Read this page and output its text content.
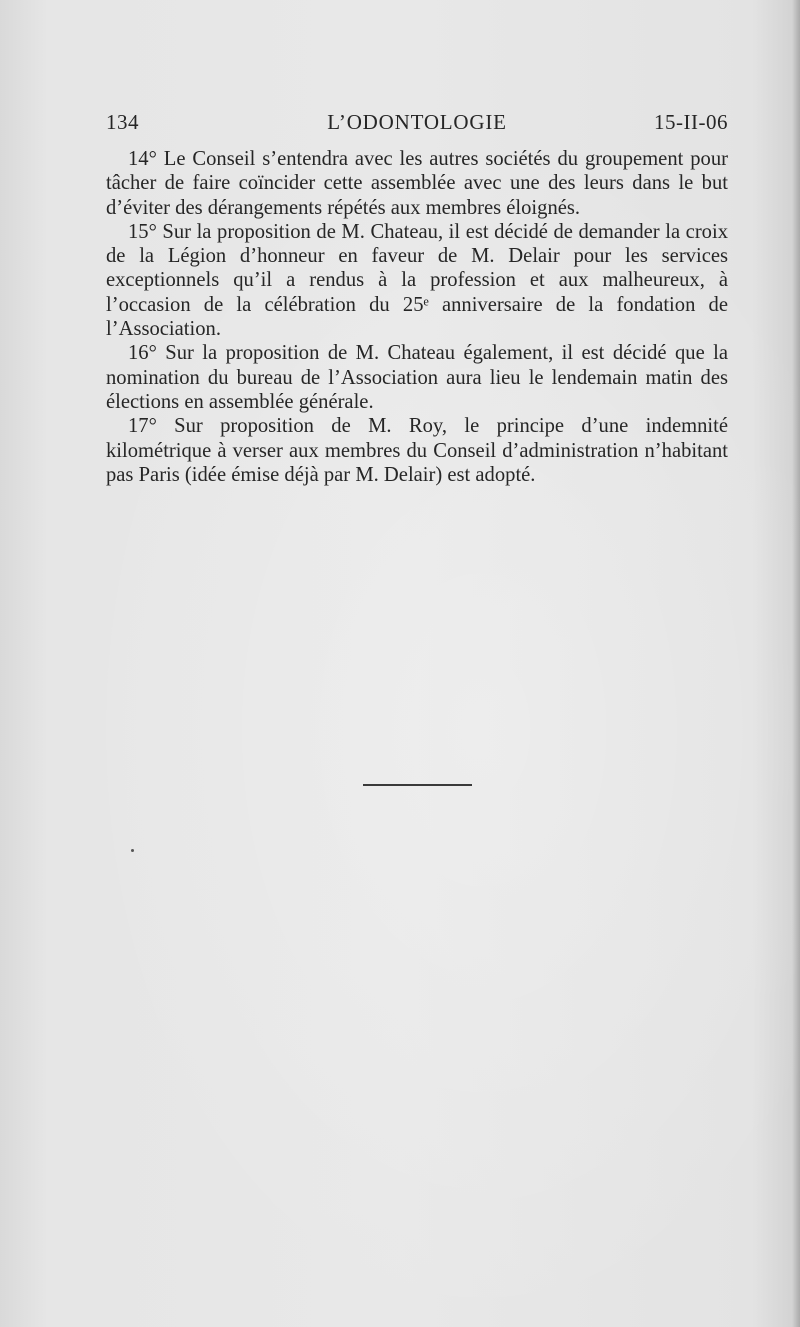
L’ODONTOLOGIE
134	15-II-06

14° Le Conseil s’entendra avec les autres sociétés du groupement pour tâcher de faire coïncider cette assemblée avec une des leurs dans le but d’éviter des dérangements répétés aux membres éloignés.

15° Sur la proposition de M. Chateau, il est décidé de demander la croix de la Légion d’honneur en faveur de M. Delair pour les services exceptionnels qu’il a rendus à la profession et aux malheureux, à l’occasion de la célébration du 25ᵉ anniversaire de la fondation de l’Association.

16° Sur la proposition de M. Chateau également, il est décidé que la nomination du bureau de l’Association aura lieu le lendemain matin des élections en assemblée générale.

17° Sur proposition de M. Roy, le principe d’une indemnité kilométrique à verser aux membres du Conseil d’administration n’habitant pas Paris (idée émise déjà par M. Delair) est adopté.
